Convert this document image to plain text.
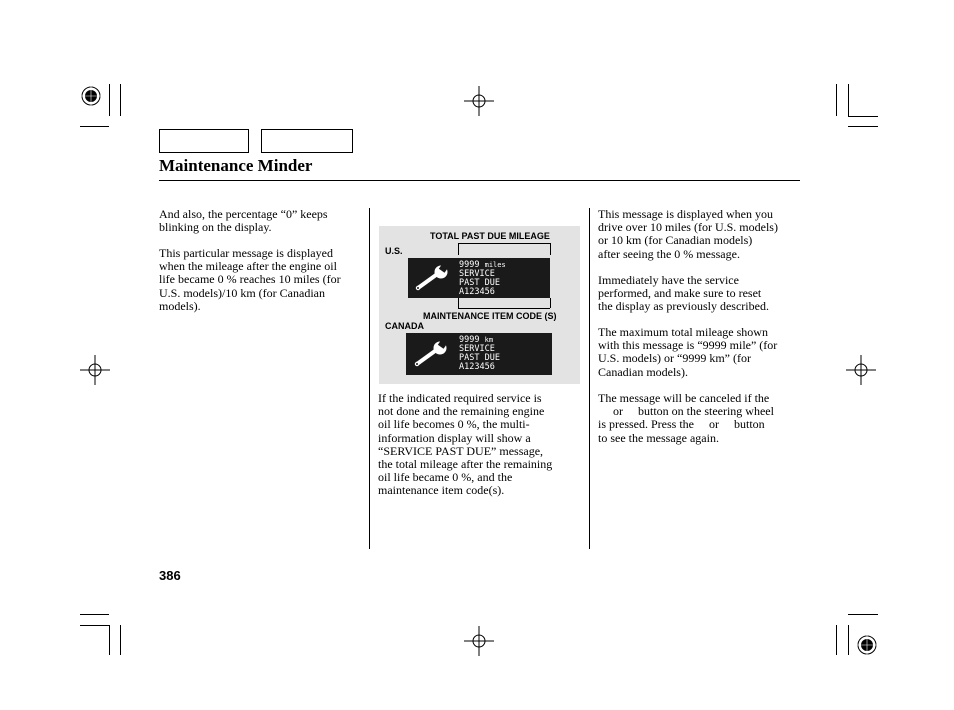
Maintenance Minder
And also, the percentage “0” keeps
blinking on the display.
This particular message is displayed
when the mileage after the engine oil
life became 0 % reaches 10 miles (for
U.S. models)/10 km (for Canadian
models).
TOTAL PAST DUE MILEAGE
U.S.
9999 miles
SERVICE
PAST DUE
A123456
MAINTENANCE ITEM CODE (S)
CANADA
9999 km
SERVICE
PAST DUE
A123456
If the indicated required service is
not done and the remaining engine
oil life becomes 0 %, the multi-
information display will show a
“SERVICE PAST DUE” message,
the total mileage after the remaining
oil life became 0 %, and the
maintenance item code(s).
This message is displayed when you
drive over 10 miles (for U.S. models)
or 10 km (for Canadian models)
after seeing the 0 % message.
Immediately have the service
performed, and make sure to reset
the display as previously described.
The maximum total mileage shown
with this message is “9999 mile” (for
U.S. models) or “9999 km” (for
Canadian models).
The message will be canceled if the
or     button on the steering wheel
is pressed. Press the     or     button
to see the message again.
386
